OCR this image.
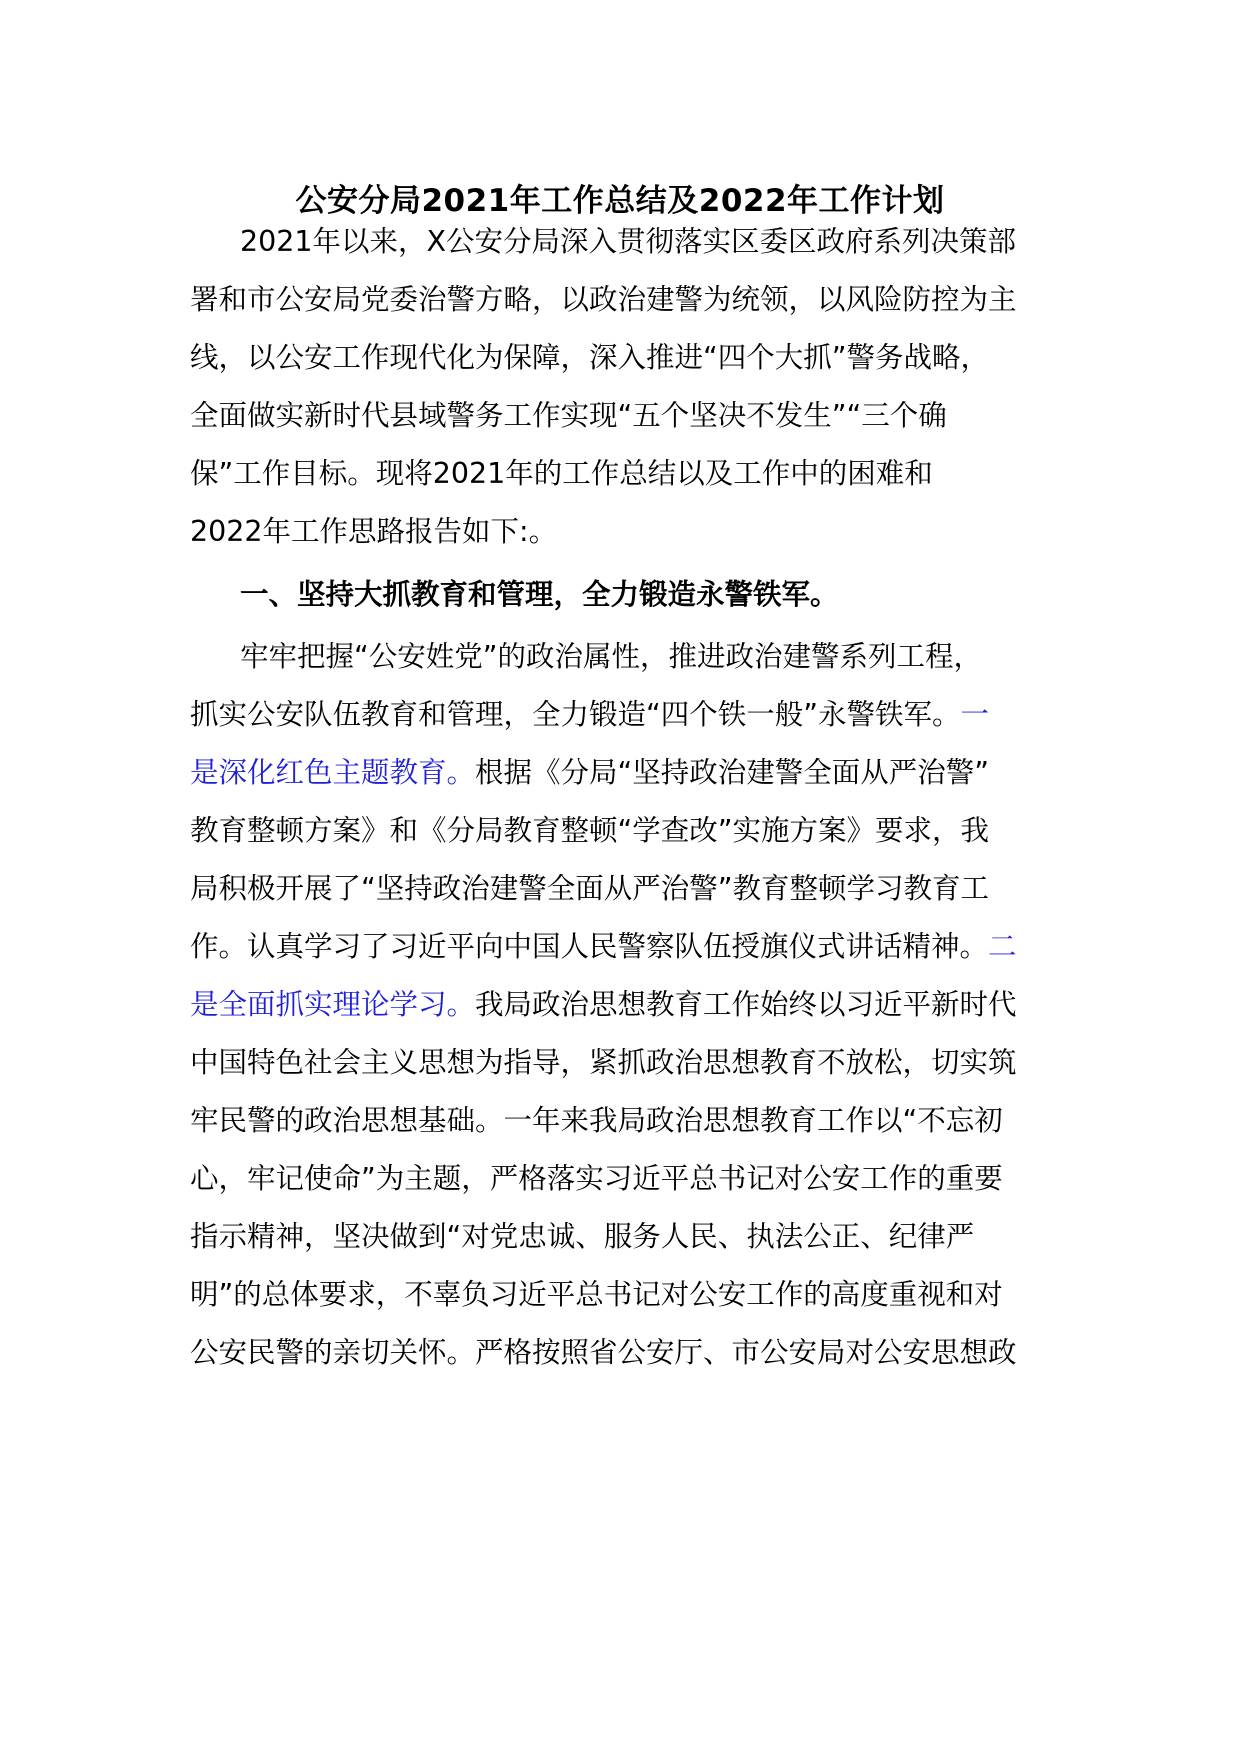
公安分局2021年工作总结及2022年工作计划
2021年以来，X公安分局深入贯彻落实区委区政府系列决策部
署和市公安局党委治警方略，以政治建警为统领，以风险防控为主
线，以公安工作现代化为保障，深入推进“四个大抓”警务战略，
全面做实新时代县域警务工作实现“五个坚决不发生”“三个确
保”工作目标。现将2021年的工作总结以及工作中的困难和
2022年工作思路报告如下:。
一、坚持大抓教育和管理，全力锻造永警铁军。
牢牢把握“公安姓党”的政治属性，推进政治建警系列工程，
抓实公安队伍教育和管理，全力锻造“四个铁一般”永警铁军。一
是深化红色主题教育。根据《分局“坚持政治建警全面从严治警”
教育整顿方案》和《分局教育整顿“学查改”实施方案》要求，我
局积极开展了“坚持政治建警全面从严治警”教育整顿学习教育工
作。认真学习了习近平向中国人民警察队伍授旗仪式讲话精神。二
是全面抓实理论学习。我局政治思想教育工作始终以习近平新时代
中国特色社会主义思想为指导，紧抓政治思想教育不放松，切实筑
牢民警的政治思想基础。一年来我局政治思想教育工作以“不忘初
心，牢记使命”为主题，严格落实习近平总书记对公安工作的重要
指示精神，坚决做到“对党忠诚、服务人民、执法公正、纪律严
明”的总体要求，不辜负习近平总书记对公安工作的高度重视和对
公安民警的亲切关怀。严格按照省公安厅、市公安局对公安思想政
